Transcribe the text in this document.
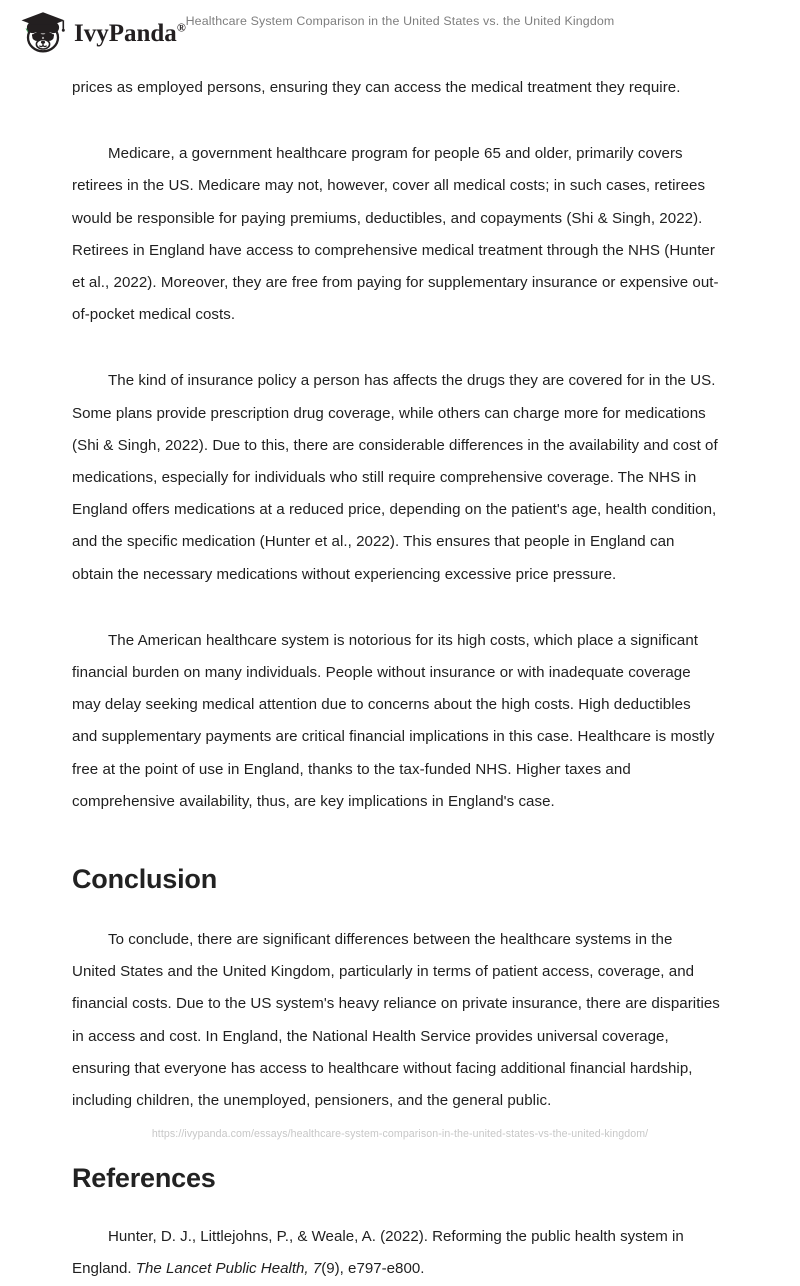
IvyPanda® Healthcare System Comparison in the United States vs. the United Kingdom

prices as employed persons, ensuring they can access the medical treatment they require.

Medicare, a government healthcare program for people 65 and older, primarily covers retirees in the US. Medicare may not, however, cover all medical costs; in such cases, retirees would be responsible for paying premiums, deductibles, and copayments (Shi & Singh, 2022). Retirees in England have access to comprehensive medical treatment through the NHS (Hunter et al., 2022). Moreover, they are free from paying for supplementary insurance or expensive out-of-pocket medical costs.

The kind of insurance policy a person has affects the drugs they are covered for in the US. Some plans provide prescription drug coverage, while others can charge more for medications (Shi & Singh, 2022). Due to this, there are considerable differences in the availability and cost of medications, especially for individuals who still require comprehensive coverage. The NHS in England offers medications at a reduced price, depending on the patient's age, health condition, and the specific medication (Hunter et al., 2022). This ensures that people in England can obtain the necessary medications without experiencing excessive price pressure.

The American healthcare system is notorious for its high costs, which place a significant financial burden on many individuals. People without insurance or with inadequate coverage may delay seeking medical attention due to concerns about the high costs. High deductibles and supplementary payments are critical financial implications in this case. Healthcare is mostly free at the point of use in England, thanks to the tax-funded NHS. Higher taxes and comprehensive availability, thus, are key implications in England's case.

Conclusion

To conclude, there are significant differences between the healthcare systems in the United States and the United Kingdom, particularly in terms of patient access, coverage, and financial costs. Due to the US system's heavy reliance on private insurance, there are disparities in access and cost. In England, the National Health Service provides universal coverage, ensuring that everyone has access to healthcare without facing additional financial hardship, including children, the unemployed, pensioners, and the general public.

References

Hunter, D. J., Littlejohns, P., & Weale, A. (2022). Reforming the public health system in England. The Lancet Public Health, 7(9), e797-e800.

https://ivypanda.com/essays/healthcare-system-comparison-in-the-united-states-vs-the-united-kingdom/
